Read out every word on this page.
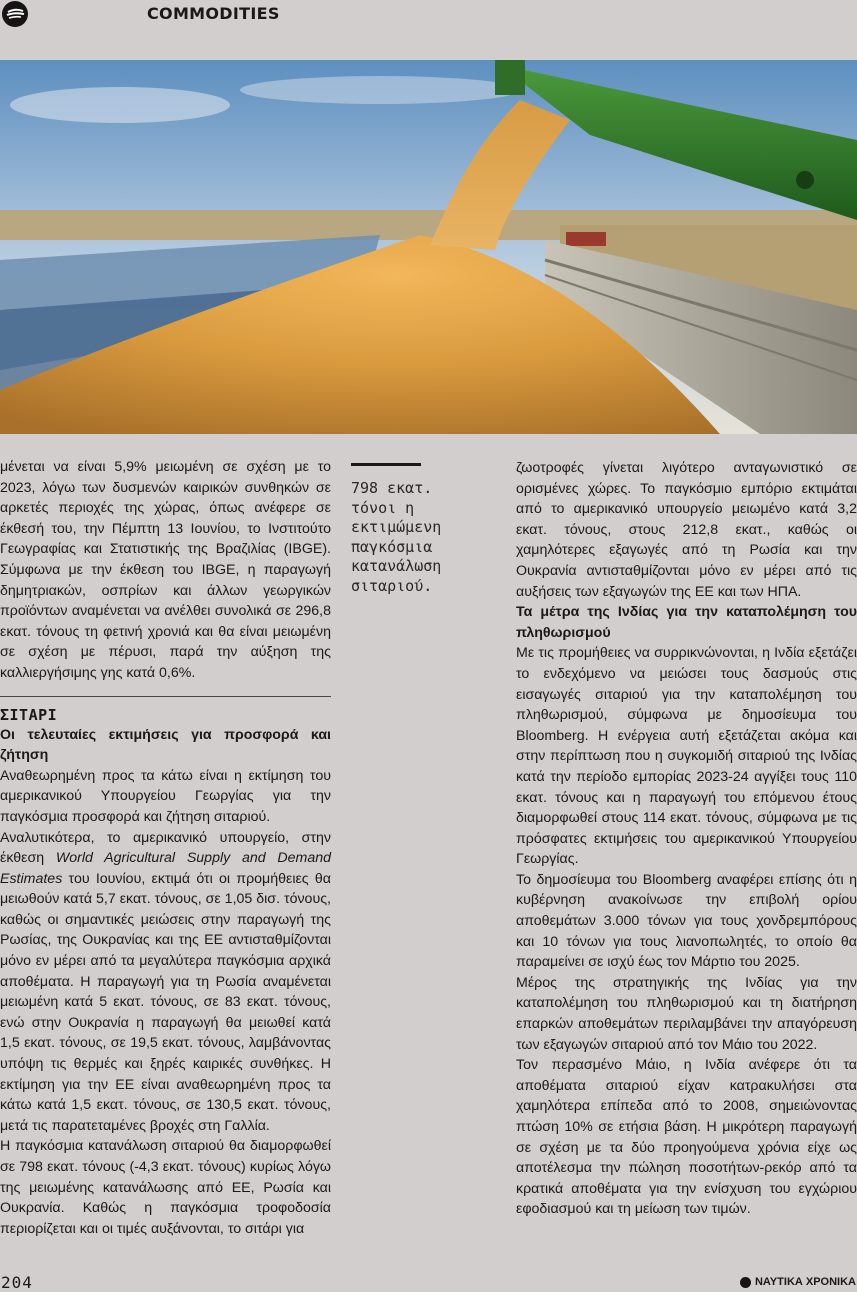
COMMODITIES

μένεται να είναι 5,9% μειωμένη σε σχέση με το 2023, λόγω των δυσμενών καιρικών συνθηκών σε αρκετές περιοχές της χώρας, όπως ανέφερε σε έκθεσή του, την Πέμπτη 13 Ιουνίου, το Ινστιτούτο Γεωγραφίας και Στατιστικής της Βραζιλίας (IBGE). Σύμφωνα με την έκθεση του IBGE, η παραγωγή δημητριακών, οσπρίων και άλλων γεωργικών προϊόντων αναμένεται να ανέλθει συνολικά σε 296,8 εκατ. τόνους τη φετινή χρονιά και θα είναι μειωμένη σε σχέση με πέρυσι, παρά την αύξηση της καλλιεργήσιμης γης κατά 0,6%.

ΣΙΤΑΡΙ

Οι τελευταίες εκτιμήσεις για προσφορά και ζήτηση

Αναθεωρημένη προς τα κάτω είναι η εκτίμηση του αμερικανικού Υπουργείου Γεωργίας για την παγκόσμια προσφορά και ζήτηση σιταριού.

Αναλυτικότερα, το αμερικανικό υπουργείο, στην έκθεση World Agricultural Supply and Demand Estimates του Ιουνίου, εκτιμά ότι οι προμήθειες θα μειωθούν κατά 5,7 εκατ. τόνους, σε 1,05 δισ. τόνους, καθώς οι σημαντικές μειώσεις στην παραγωγή της Ρωσίας, της Ουκρανίας και της ΕΕ αντισταθμίζονται μόνο εν μέρει από τα μεγαλύτερα παγκόσμια αρχικά αποθέματα. Η παραγωγή για τη Ρωσία αναμένεται μειωμένη κατά 5 εκατ. τόνους, σε 83 εκατ. τόνους, ενώ στην Ουκρανία η παραγωγή θα μειωθεί κατά 1,5 εκατ. τόνους, σε 19,5 εκατ. τόνους, λαμβάνοντας υπόψη τις θερμές και ξηρές καιρικές συνθήκες. Η εκτίμηση για την ΕΕ είναι αναθεωρημένη προς τα κάτω κατά 1,5 εκατ. τόνους, σε 130,5 εκατ. τόνους, μετά τις παρατεταμένες βροχές στη Γαλλία.

Η παγκόσμια κατανάλωση σιταριού θα διαμορφωθεί σε 798 εκατ. τόνους (-4,3 εκατ. τόνους) κυρίως λόγω της μειωμένης κατανάλωσης από ΕΕ, Ρωσία και Ουκρανία. Καθώς η παγκόσμια τροφοδοσία περιορίζεται και οι τιμές αυξάνονται, το σιτάρι για

798 εκατ.
τόνοι η
εκτιμώμενη
παγκόσμια
κατανάλωση
σιταριού.

ζωοτροφές γίνεται λιγότερο ανταγωνιστικό σε ορισμένες χώρες. Το παγκόσμιο εμπόριο εκτιμάται από το αμερικανικό υπουργείο μειωμένο κατά 3,2 εκατ. τόνους, στους 212,8 εκατ., καθώς οι χαμηλότερες εξαγωγές από τη Ρωσία και την Ουκρανία αντισταθμίζονται μόνο εν μέρει από τις αυξήσεις των εξαγωγών της ΕΕ και των ΗΠΑ.

Τα μέτρα της Ινδίας για την καταπολέμηση του πληθωρισμού

Με τις προμήθειες να συρρικνώνονται, η Ινδία εξετάζει το ενδεχόμενο να μειώσει τους δασμούς στις εισαγωγές σιταριού για την καταπολέμηση του πληθωρισμού, σύμφωνα με δημοσίευμα του Bloomberg. Η ενέργεια αυτή εξετάζεται ακόμα και στην περίπτωση που η συγκομιδή σιταριού της Ινδίας κατά την περίοδο εμπορίας 2023-24 αγγίξει τους 110 εκατ. τόνους και η παραγωγή του επόμενου έτους διαμορφωθεί στους 114 εκατ. τόνους, σύμφωνα με τις πρόσφατες εκτιμήσεις του αμερικανικού Υπουργείου Γεωργίας.

Το δημοσίευμα του Bloomberg αναφέρει επίσης ότι η κυβέρνηση ανακοίνωσε την επιβολή ορίου αποθεμάτων 3.000 τόνων για τους χονδρεμπόρους και 10 τόνων για τους λιανοπωλητές, το οποίο θα παραμείνει σε ισχύ έως τον Μάρτιο του 2025.

Μέρος της στρατηγικής της Ινδίας για την καταπολέμηση του πληθωρισμού και τη διατήρηση επαρκών αποθεμάτων περιλαμβάνει την απαγόρευση των εξαγωγών σιταριού από τον Μάιο του 2022.

Τον περασμένο Μάιο, η Ινδία ανέφερε ότι τα αποθέματα σιταριού είχαν κατρακυλήσει στα χαμηλότερα επίπεδα από το 2008, σημειώνοντας πτώση 10% σε ετήσια βάση. Η μικρότερη παραγωγή σε σχέση με τα δύο προηγούμενα χρόνια είχε ως αποτέλεσμα την πώληση ποσοτήτων-ρεκόρ από τα κρατικά αποθέματα για την ενίσχυση του εγχώριου εφοδιασμού και τη μείωση των τιμών.

204	ΝΑΥΤΙΚΑ ΧΡΟΝΙΚΑ
